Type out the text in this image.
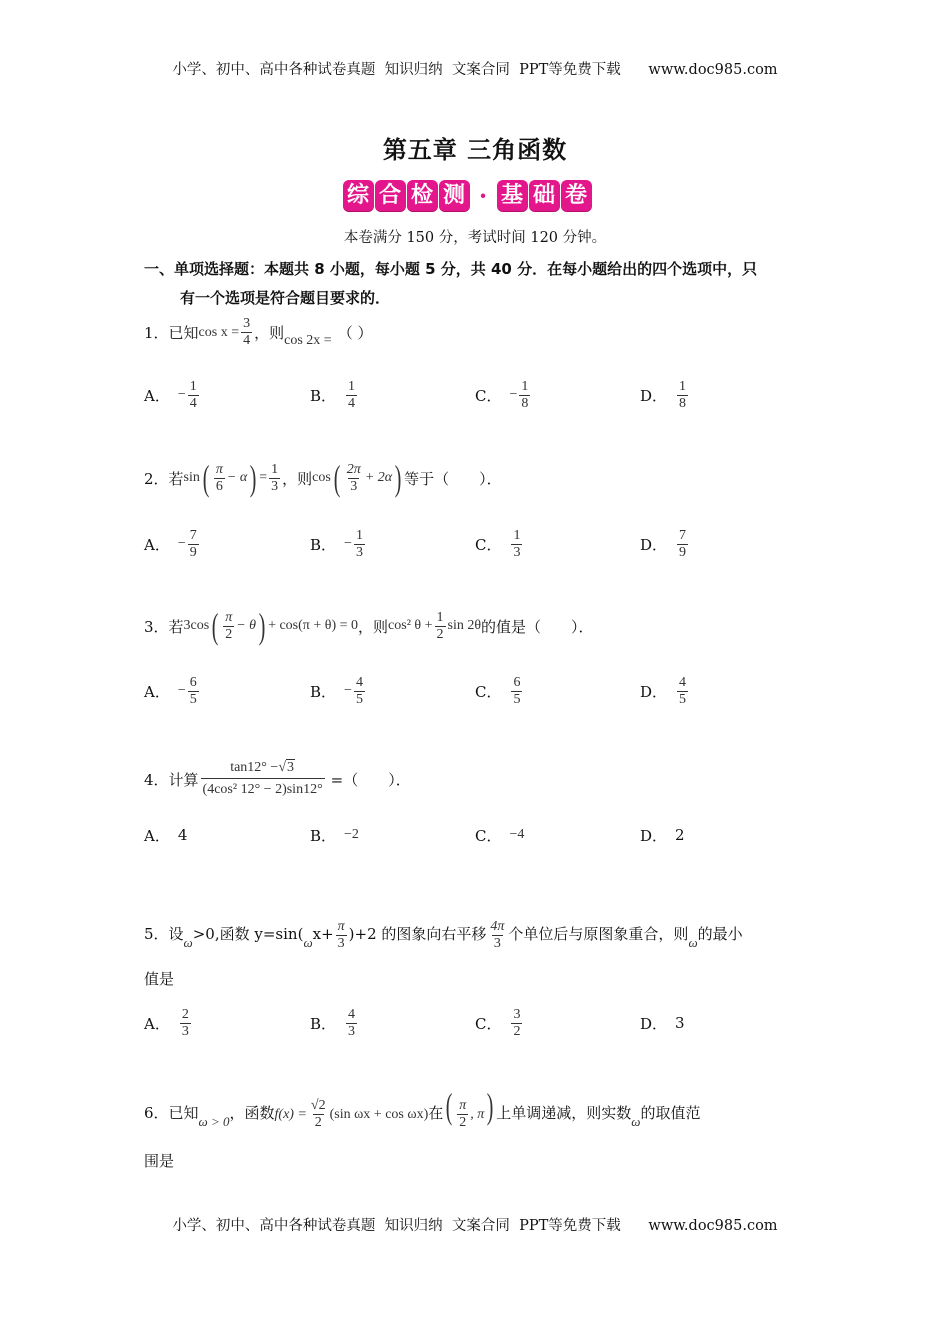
小学、初中、高中各种试卷真题  知识归纳  文案合同  PPT等免费下载      www.doc985.com
第五章 三角函数
综 合 检 测 · 基 础 卷
本卷满分 150 分，考试时间 120 分钟。
一、单项选择题：本题共 8 小题，每小题 5 分，共 40 分．在每小题给出的四个选项中，只
有一个选项是符合题目要求的．
1．已知 $\cos x = \frac{3}{4}$ ，则 cos 2x = （ ）
A． − $\frac{1}{4}$	B． $\frac{1}{4}$	C． − $\frac{1}{8}$	D． $\frac{1}{8}$
2．若 sin ( $\frac{\pi}{6} - \alpha$ ) = $\frac{1}{3}$ ，则 cos ( $\frac{2\pi}{3} + 2\alpha$ ) 等于（　　）．
A． − $\frac{7}{9}$	B． − $\frac{1}{3}$	C． $\frac{1}{3}$	D． $\frac{7}{9}$
3．若 3cos ( $\frac{\pi}{2} - \theta$ ) + cos(π + θ) = 0 ，则 cos² $\theta + \frac{1}{2}$ sin 2θ 的值是（　　）．
A． − $\frac{6}{5}$	B． − $\frac{4}{5}$	C． $\frac{6}{5}$	D． $\frac{4}{5}$
4．计算 $\frac{\tan 12^\circ -√3}{\text{(4cos² 12° − 2)sin12°}}$ =（　　）．
A． 4	B． −2	C． −4	D． 2
5．设ω>0,函数 $y=\sin(\omega x+ \frac{\pi}{3} )+2$ 的图象向右平移 $\frac{4\pi}{3}$ 个单位后与原图象重合，则ω的最小
值是
A． $\frac{2}{3}$	B． $\frac{4}{3}$	C． $\frac{3}{2}$	D． 3
6．已知ω > 0，函数$f(x) = \frac{√2}{2} (\sin$ ωx + cos ωx)在( $\frac{\pi}{2}$ , π) 上单调递减，则实数ω的取值范
围是
小学、初中、高中各种试卷真题  知识归纳  文案合同  PPT等免费下载      www.doc985.com
